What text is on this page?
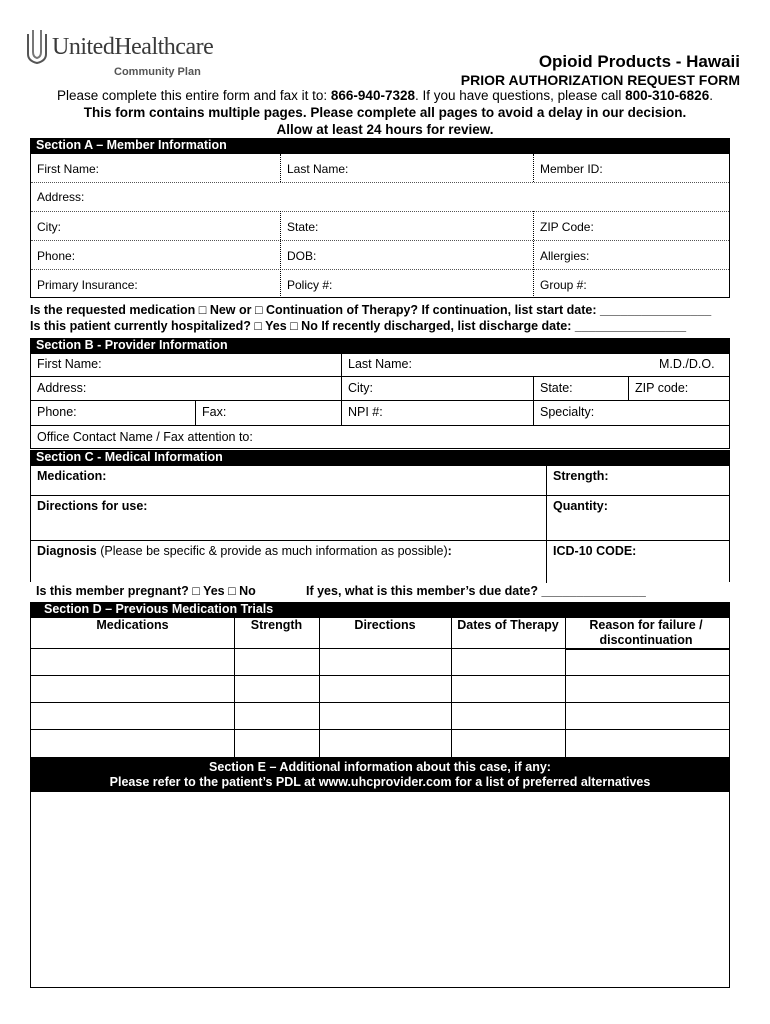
UnitedHealthcare
Community Plan
Opioid Products - Hawaii
PRIOR AUTHORIZATION REQUEST FORM
Please complete this entire form and fax it to: 866-940-7328. If you have questions, please call 800-310-6826.
This form contains multiple pages. Please complete all pages to avoid a delay in our decision.
Allow at least 24 hours for review.
Section A – Member Information
First Name:	Last Name:	Member ID:
Address:
City:	State:	ZIP Code:
Phone:	DOB:	Allergies:
Primary Insurance:	Policy #:	Group #:
Is the requested medication □ New or □ Continuation of Therapy? If continuation, list start date: ________________
Is this patient currently hospitalized? □ Yes □ No If recently discharged, list discharge date: ________________
Section B - Provider Information
First Name:	Last Name:	M.D./D.O.
Address:	City:	State:	ZIP code:
Phone:	Fax:	NPI #:	Specialty:
Office Contact Name / Fax attention to:
Section C - Medical Information
Medication:	Strength:
Directions for use:	Quantity:
Diagnosis (Please be specific & provide as much information as possible):	ICD-10 CODE:
Is this member pregnant? □ Yes □ No	If yes, what is this member’s due date? _______________
Section D – Previous Medication Trials
Medications	Strength	Directions	Dates of Therapy	Reason for failure / discontinuation
Section E – Additional information about this case, if any:
Please refer to the patient’s PDL at www.uhcprovider.com for a list of preferred alternatives
